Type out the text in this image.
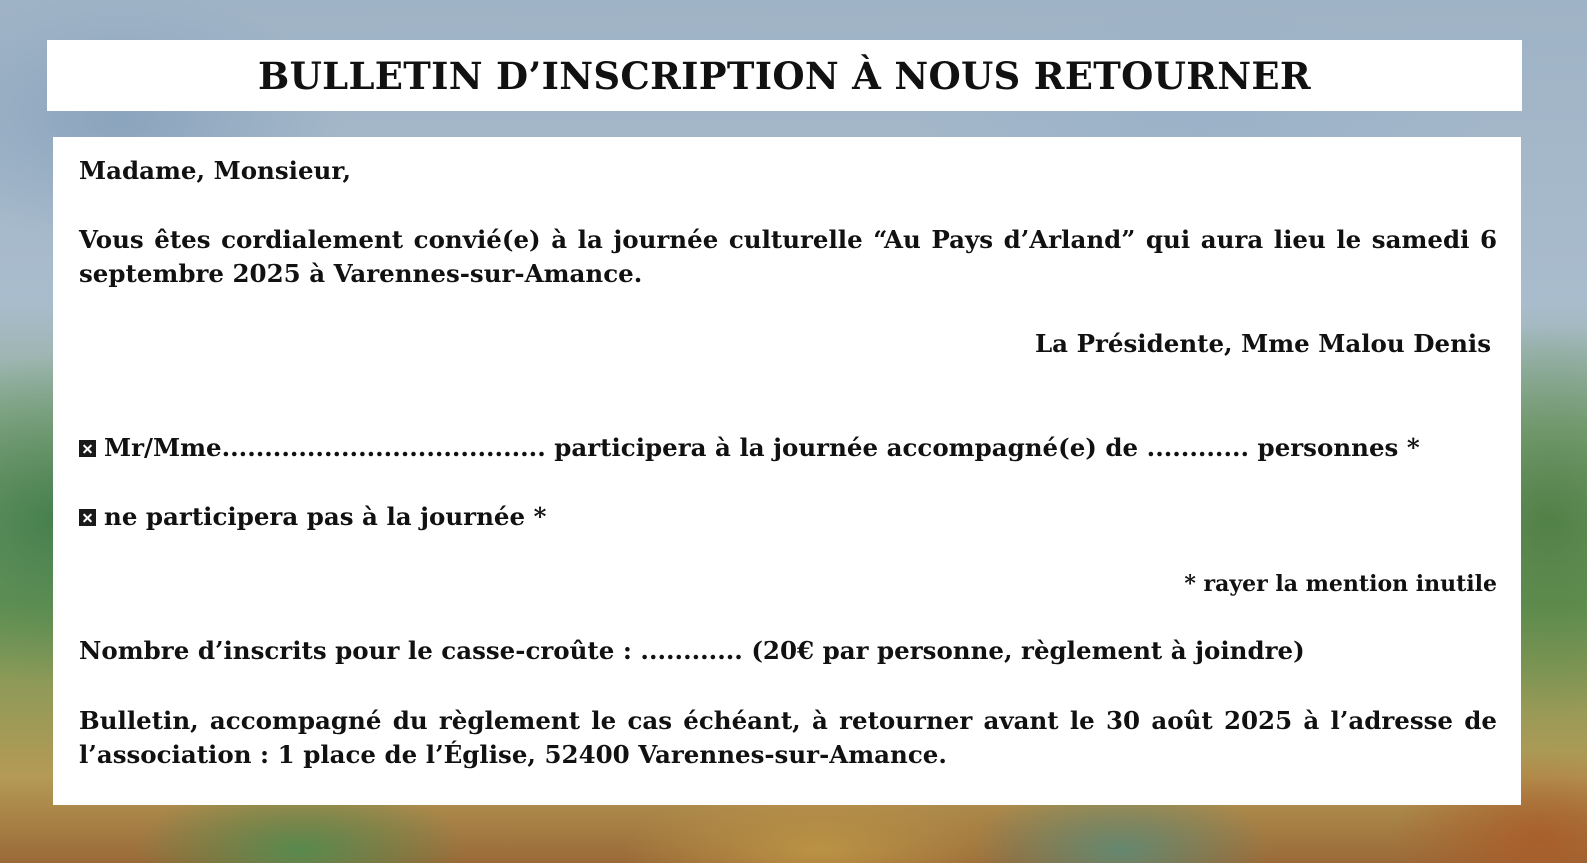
BULLETIN D’INSCRIPTION À NOUS RETOURNER

Madame, Monsieur,

Vous êtes cordialement convié(e) à la journée culturelle “Au Pays d’Arland” qui aura lieu le samedi 6 septembre 2025 à Varennes-sur-Amance.

La Présidente, Mme Malou Denis

Mr/Mme...................................... participera à la journée accompagné(e) de ............ personnes *

ne participera pas à la journée *

* rayer la mention inutile

Nombre d’inscrits pour le casse-croûte : ............ (20€ par personne, règlement à joindre)

Bulletin, accompagné du règlement le cas échéant, à retourner avant le 30 août 2025 à l’adresse de l’association : 1 place de l’Église, 52400 Varennes-sur-Amance.
